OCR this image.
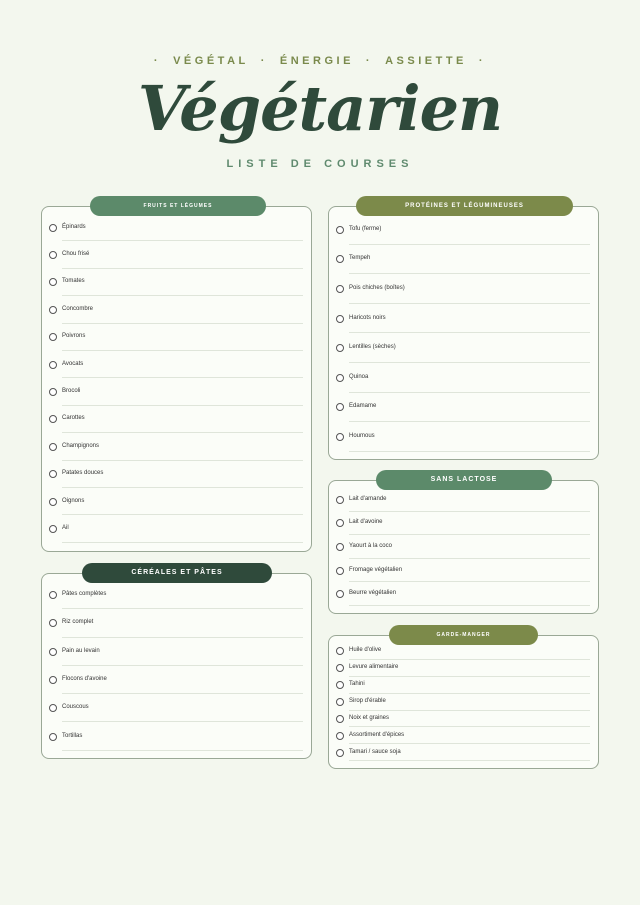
· VÉGÉTAL · ÉNERGIE · ASSIETTE ·
Végétarien
LISTE DE COURSES
FRUITS ET LÉGUMES
Épinards
Chou frisé
Tomates
Concombre
Poivrons
Avocats
Brocoli
Carottes
Champignons
Patates douces
Oignons
Ail
CÉRÉALES ET PÂTES
Pâtes complètes
Riz complet
Pain au levain
Flocons d'avoine
Couscous
Tortillas
PROTÉINES ET LÉGUMINEUSES
Tofu (ferme)
Tempeh
Pois chiches (boîtes)
Haricots noirs
Lentilles (sèches)
Quinoa
Edamame
Houmous
SANS LACTOSE
Lait d'amande
Lait d'avoine
Yaourt à la coco
Fromage végétalien
Beurre végétalien
GARDE-MANGER
Huile d'olive
Levure alimentaire
Tahini
Sirop d'érable
Noix et graines
Assortiment d'épices
Tamari / sauce soja
